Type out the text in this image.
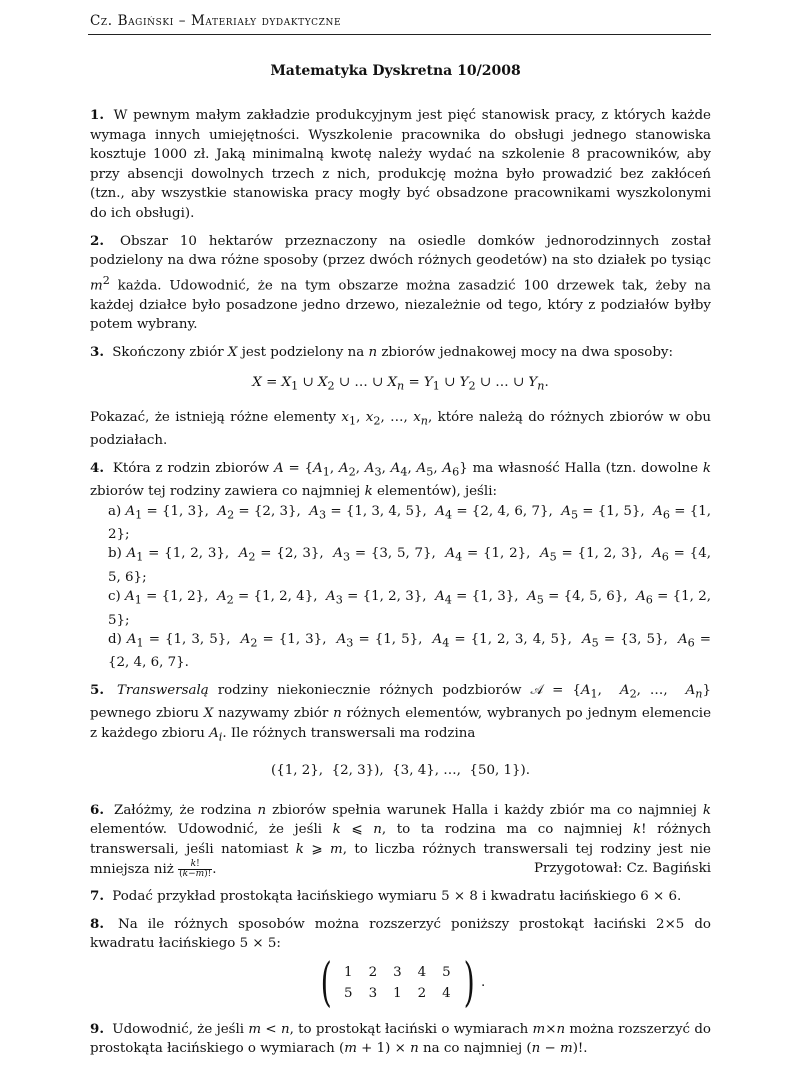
Cz. Bagiński – Materiały dydaktyczne
Matematyka Dyskretna 10/2008

1. W pewnym małym zakładzie produkcyjnym jest pięć stanowisk pracy, z których każde wymaga innych umiejętności. Wyszkolenie pracownika do obsługi jednego stanowiska kosztuje 1000 zł. Jaką minimalną kwotę należy wydać na szkolenie 8 pracowników, aby przy absencji dowolnych trzech z nich, produkcję można było prowadzić bez zakłóceń (tzn., aby wszystkie stanowiska pracy mogły być obsadzone pracownikami wyszkolonymi do ich obsługi).

2. Obszar 10 hektarów przeznaczony na osiedle domków jednorodzinnych został podzielony na dwa różne sposoby (przez dwóch różnych geodetów) na sto działek po tysiąc $m^2$ każda. Udowodnić, że na tym obszarze można zasadzić 100 drzewek tak, żeby na każdej działce było posadzone jedno drzewo, niezależnie od tego, który z podziałów byłby potem wybrany.

3. Skończony zbiór X jest podzielony na n zbiorów jednakowej mocy na dwa sposoby:

$X = X_1$ ∪ $X_2$ ∪ … ∪ $X_n = Y_1$ ∪ $Y_2$ ∪ … ∪ $Y_n$.

Pokazać, że istnieją różne elementy $x_1$, $x_2$, …, $x_n$, które należą do różnych zbiorów w obu podziałach.

4. Która z rodzin zbiorów $A = \{A_1$, $A_2$, $A_3$, $A_4$, $A_5$, $A_6$} ma własność Halla (tzn. dowolne k zbiorów tej rodziny zawiera co najmniej k elementów), jeśli:

a) $A_1 = \{1$, 3},  $A_2 = \{2$, 3},  $A_3 = \{1$, 3, 4, 5},  $A_4 = \{2$, 4, 6, 7},  $A_5 = \{1$, 5},  $A_6 = \{1$, 2};
b) $A_1 = \{1$, 2, 3},  $A_2 = \{2$, 3},  $A_3 = \{3$, 5, 7},  $A_4 = \{1$, 2},  $A_5 = \{1$, 2, 3},  $A_6 = \{4$, 5, 6};
c) $A_1 = \{1$, 2},  $A_2 = \{1$, 2, 4},  $A_3 = \{1$, 2, 3},  $A_4 = \{1$, 3},  $A_5 = \{4$, 5, 6},  $A_6 = \{1$, 2, 5};
d) $A_1 = \{1$, 3, 5},  $A_2 = \{1$, 3},  $A_3 = \{1$, 5},  $A_4 = \{1$, 2, 3, 4, 5},  $A_5 = \{3$, 5},  $A_6 = \{2$, 4, 6, 7}.

5. Transwersalą rodziny niekoniecznie różnych podzbiorów 𝒜 = {$A_1$,  $A_2$, …,  $A_n$} pewnego zbioru X nazywamy zbiór n różnych elementów, wybranych po jednym elemencie z każdego zbioru $A_i$. Ile różnych transwersali ma rodzina

({1, 2},  {2, 3}),  {3, 4}, …,  {50, 1}).

6. Załóżmy, że rodzina n zbiorów spełnia warunek Halla i każdy zbiór ma co najmniej k elementów. Udowodnić, że jeśli k ⩽ n, to ta rodzina ma co najmniej k! różnych transwersali, jeśli natomiast k ⩾ m, to liczba różnych transwersali tej rodziny jest nie mniejsza niż $\frac{k!}{(k-m)!}$ .

7. Podać przykład prostokąta łacińskiego wymiaru 5 × 8 i kwadratu łacińskiego 6 × 6.

8. Na ile różnych sposobów można rozszerzyć poniższy prostokąt łaciński 2×5 do kwadratu łacińskiego 5 × 5:

( 1	2	3	4	5
5	3	1	2	4 ) .

9. Udowodnić, że jeśli m < n, to prostokąt łaciński o wymiarach m×n można rozszerzyć do prostokąta łacińskiego o wymiarach (m + 1) × n na co najmniej (n − m)!.

Przygotował: Cz. Bagiński
